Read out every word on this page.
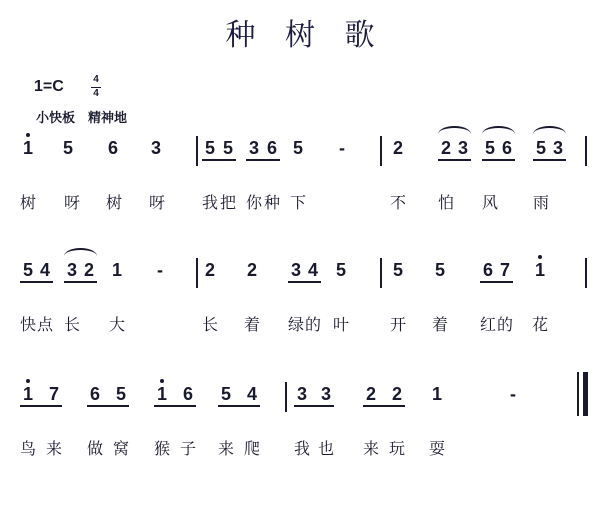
种 树 歌
1=C	4
4
小快板　精神地
1 5 6 3 5 5 3 6 5 -	2 2 3 5 6 5 3
树 呀 树 呀 我 把 你 种 下	不 怕 风 雨
5 4 3 2 1 - 2 2 3 4 5	5 5 6 7 1
快 点 长 大	长 着 绿 的 叶	开 着 红 的 花
1 7 6 5 1 6 5 4 3 3 2 2 1	-
鸟 来 做 窝 猴 子 来 爬 我 也 来 玩 耍
